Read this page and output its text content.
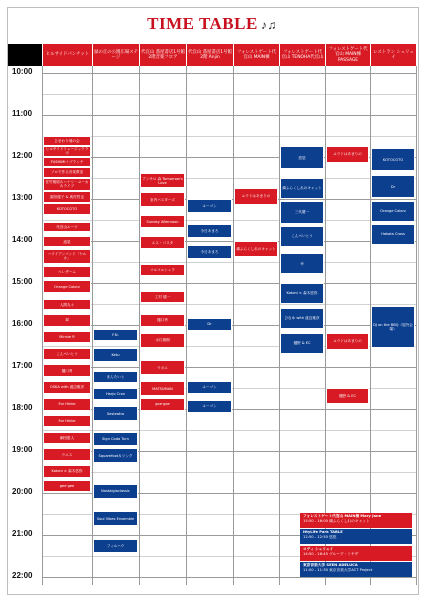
TIME TABLE ♪♫
ヒルサイドパンチット
緑の丘の公園広場ステージ
代官山 蔦屋書店1号館 2階音楽フロア
代官山 蔦屋書店1号館 2階 Anjin
フォレストゲート代官山 MAIN棟
フォレストゲート代官山 TENOHA代官山
フォレストゲート代官山 MAIN棟 PASSAGE
レストラン シェリュイ
10:00
11:00
12:00
13:00
14:00
15:00
16:00
17:00
18:00
19:00
20:00
21:00
22:00
ひまわり畑の会
ヒルサイドミュージックラボ
FUSHIMI＋ブランチ
ソロで作る音楽教室
佐竹雅昭＆ハナリ・ユーカ＆ライブ
園田健子 & 奥村哲也
KOTOCOTO
代官山ルーツ
惑星
ハワイアンバンド「ケルカ」
ベレザーム
Orange Colorz
人間丸々
翠
Minnie R
こんぺいとう
樋口秀
OSKA with 渡辺雅彦
For Hinke
For Hinke
劇団藍人
ウエス
Kotoni × 森木悠弥
gee·gee
F.N.
Ketu
まんたいと
Harjo Cron
Sesteatra
Sign Coda Turn
Squarefoot＆リンク
Nostalgiaclassic
Soul Vibes Ensemble
フィルハウ
アンサロ 森 Tomorrow's Love
室内バスターズ
Sunday Afternoon
エス・バスタ
マルコルシェラ
工村 健一
樋口秀
水江雄樹
ウボエ
MATSUMAN
goe·goe
ユーゴン
今日あまろ
今日あまろ
Dr
ユーゴン
ユーゴン
ユウドはあまりの
燐ふらくしれのキャット
悠悠
燐ふらくしれのキャット
三代慶一
こんぺいとう
幸
Kotoni × 森木悠弥
ひなゆ with 渡辺雅彦
樋野 & EC
ユウドはあまりの
ユウドはあまりの
樋野 & EC
KOTOCOTO
Dr
Orange Colorz
Hakata Cross
DJ on the BBQ（屋外会場）
フォレストゲート代官山 MAIN棟 Mary Jane
15:50 - 16:00 燐ふらくしれのキャット
IttyLife Park TABLE
12:50 - 12:50 悠悠
ロディ シェリュイ
14:50 - 16:45 グループ・ミヤザ
東京音楽大学 SEEN ADELUCA
11:00 - 11:30 東京音楽大学ACT Project
